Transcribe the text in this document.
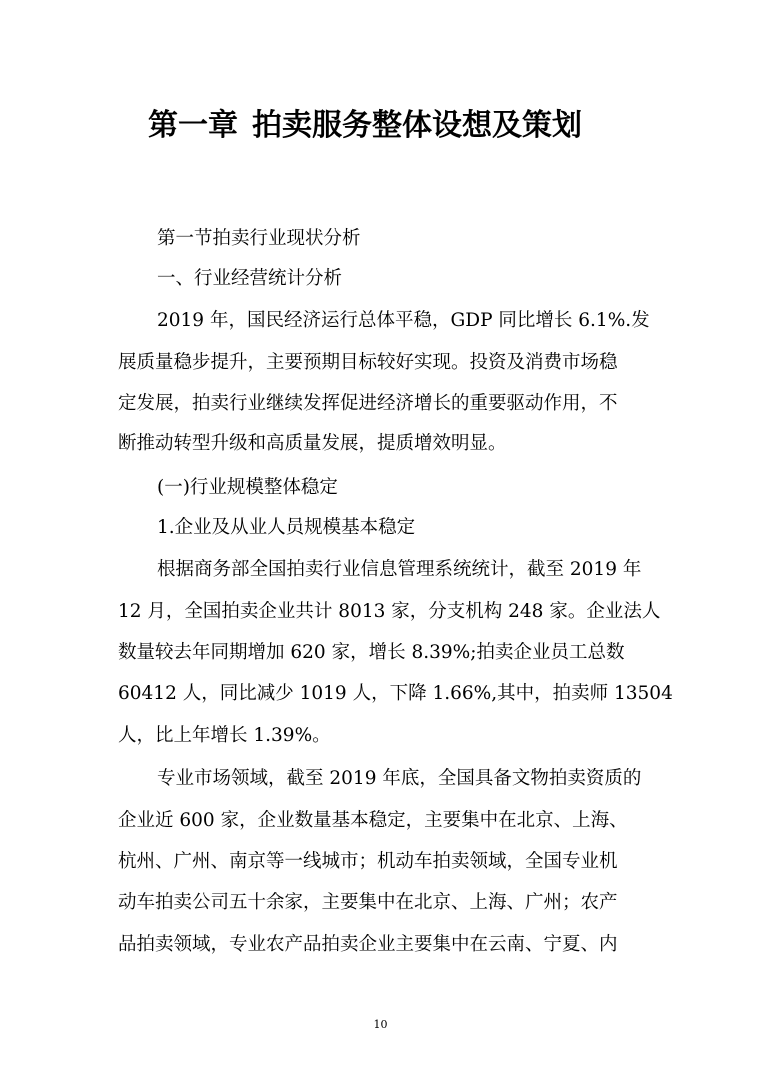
第一章 拍卖服务整体设想及策划
第一节拍卖行业现状分析
一、行业经营统计分析
2019 年，国民经济运行总体平稳，GDP 同比增长 6.1%.发
展质量稳步提升，主要预期目标较好实现。投资及消费市场稳
定发展，拍卖行业继续发挥促进经济增长的重要驱动作用，不
断推动转型升级和高质量发展，提质增效明显。
(一)行业规模整体稳定
1.企业及从业人员规模基本稳定
根据商务部全国拍卖行业信息管理系统统计，截至 2019 年
12 月，全国拍卖企业共计 8013 家，分支机构 248 家。企业法人
数量较去年同期增加 620 家，增长 8.39%;拍卖企业员工总数
60412 人，同比减少 1019 人，下降 1.66%,其中，拍卖师 13504
人，比上年增长 1.39%。
专业市场领域，截至 2019 年底，全国具备文物拍卖资质的
企业近 600 家，企业数量基本稳定，主要集中在北京、上海、
杭州、广州、南京等一线城市；机动车拍卖领域，全国专业机
动车拍卖公司五十余家，主要集中在北京、上海、广州；农产
品拍卖领域，专业农产品拍卖企业主要集中在云南、宁夏、内
10
